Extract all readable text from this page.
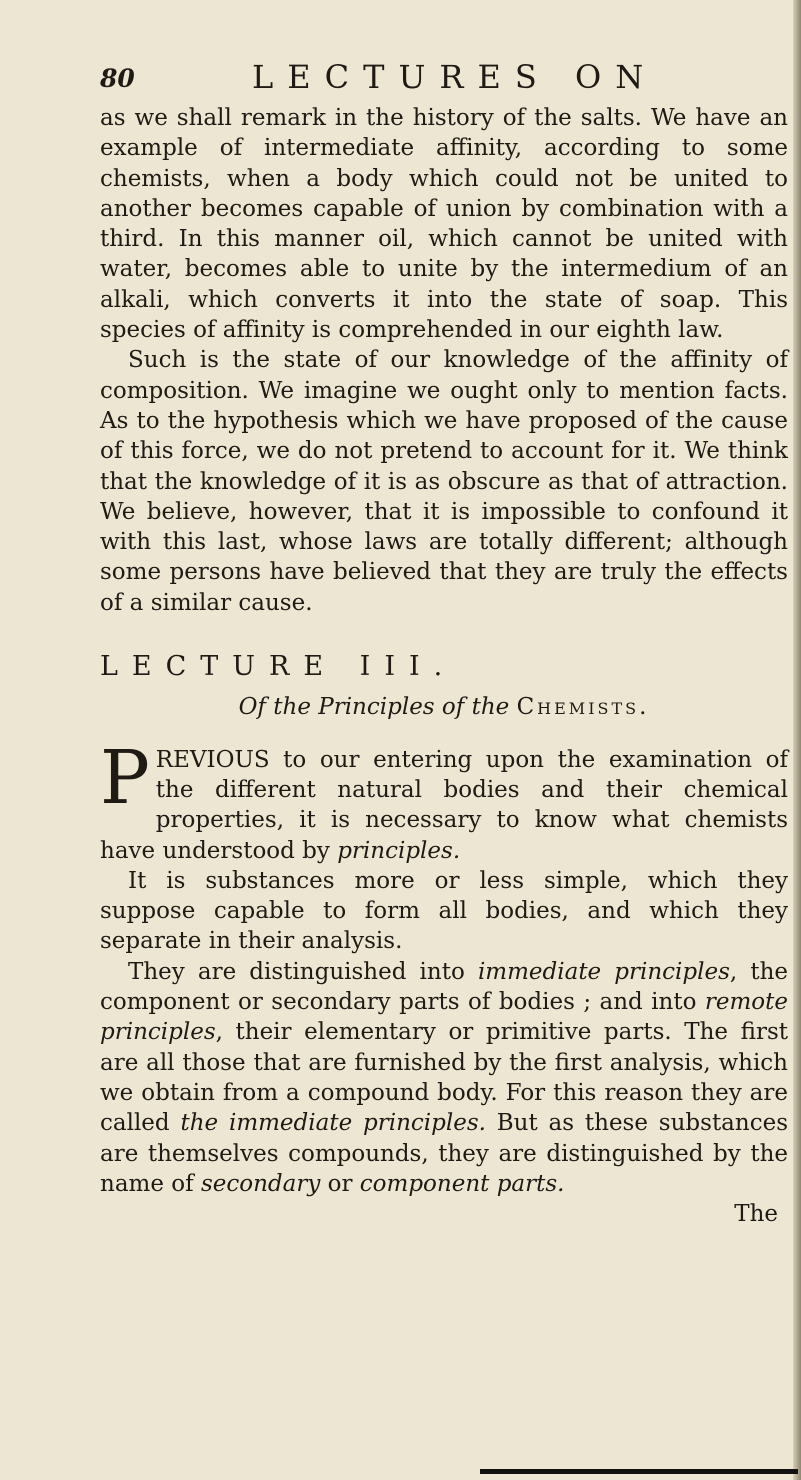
80	LECTURES ON

as we shall remark in the history of the salts. We have an example of intermediate affinity, according to some chemists, when a body which could not be united to another becomes capable of union by combination with a third. In this manner oil, which cannot be united with water, becomes able to unite by the intermedium of an alkali, which converts it into the state of soap. This species of affinity is comprehended in our eighth law.

Such is the state of our knowledge of the affinity of composition. We imagine we ought only to mention facts. As to the hypothesis which we have proposed of the cause of this force, we do not pretend to account for it. We think that the knowledge of it is as obscure as that of attraction. We believe, however, that it is impossible to confound it with this last, whose laws are totally different; although some persons have believed that they are truly the effects of a similar cause.

LECTURE III.

Of the Principles of the Chemists.

PREVIOUS to our entering upon the examination of the different natural bodies and their chemical properties, it is necessary to know what chemists have understood by principles.

It is substances more or less simple, which they suppose capable to form all bodies, and which they separate in their analysis.

They are distinguished into immediate principles, the component or secondary parts of bodies ; and into remote principles, their elementary or primitive parts. The first are all those that are furnished by the first analysis, which we obtain from a compound body. For this reason they are called the immediate principles. But as these substances are themselves compounds, they are distinguished by the name of secondary or component parts.

The
